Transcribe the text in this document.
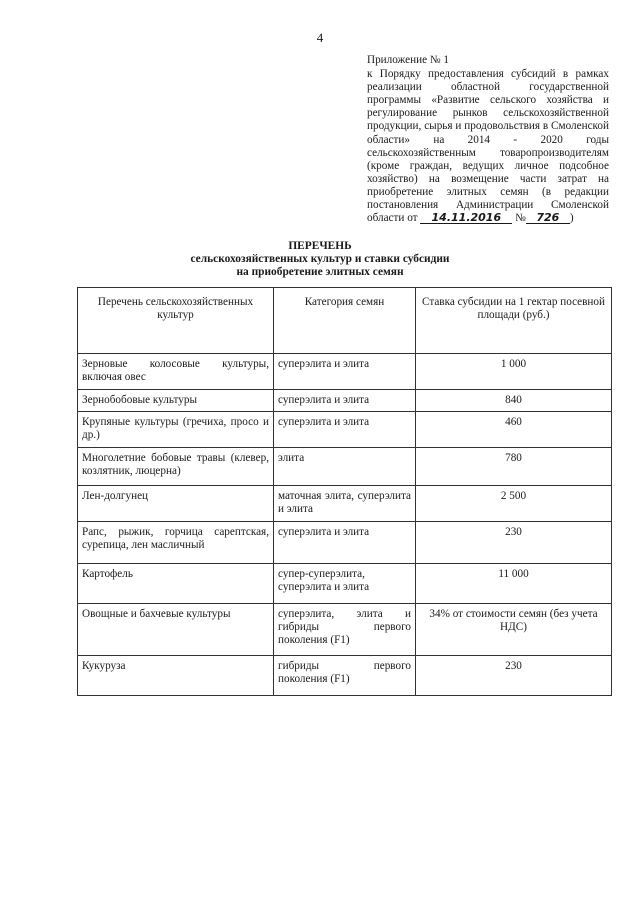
4

Приложение № 1

к Порядку предоставления субсидий в рамках реализации областной государственной программы «Развитие сельского хозяйства и регулирование рынков сельскохозяйственной продукции, сырья и продовольствия в Смоленской области» на 2014 - 2020 годы сельскохозяйственным товаропроизводителям (кроме граждан, ведущих личное подсобное хозяйство) на возмещение части затрат на приобретение элитных семян (в редакции постановления Администрации Смоленской области от 14.11.2016 № 726 )

ПЕРЕЧЕНЬ
сельскохозяйственных культур и ставки субсидии
на приобретение элитных семян
Перечень сельскохозяйственных культур	Категория семян	Ставка субсидии на 1 гектар посевной площади (руб.)
Зерновые колосовые культуры, включая овес	суперэлита и элита	1 000
Зернобобовые культуры	суперэлита и элита	840
Крупяные культуры (гречиха, просо и др.)	суперэлита и элита	460
Многолетние бобовые травы (клевер, козлятник, люцерна)	элита	780
Лен-долгунец	маточная элита, суперэлита и элита	2 500
Рапс, рыжик, горчица сарептская, сурепица, лен масличный	суперэлита и элита	230
Картофель	супер-суперэлита, суперэлита и элита	11 000
Овощные и бахчевые культуры	суперэлита, элита и гибриды первого поколения (F1)	34% от стоимости семян (без учета НДС)
Кукуруза	гибриды первого поколения (F1)	230
